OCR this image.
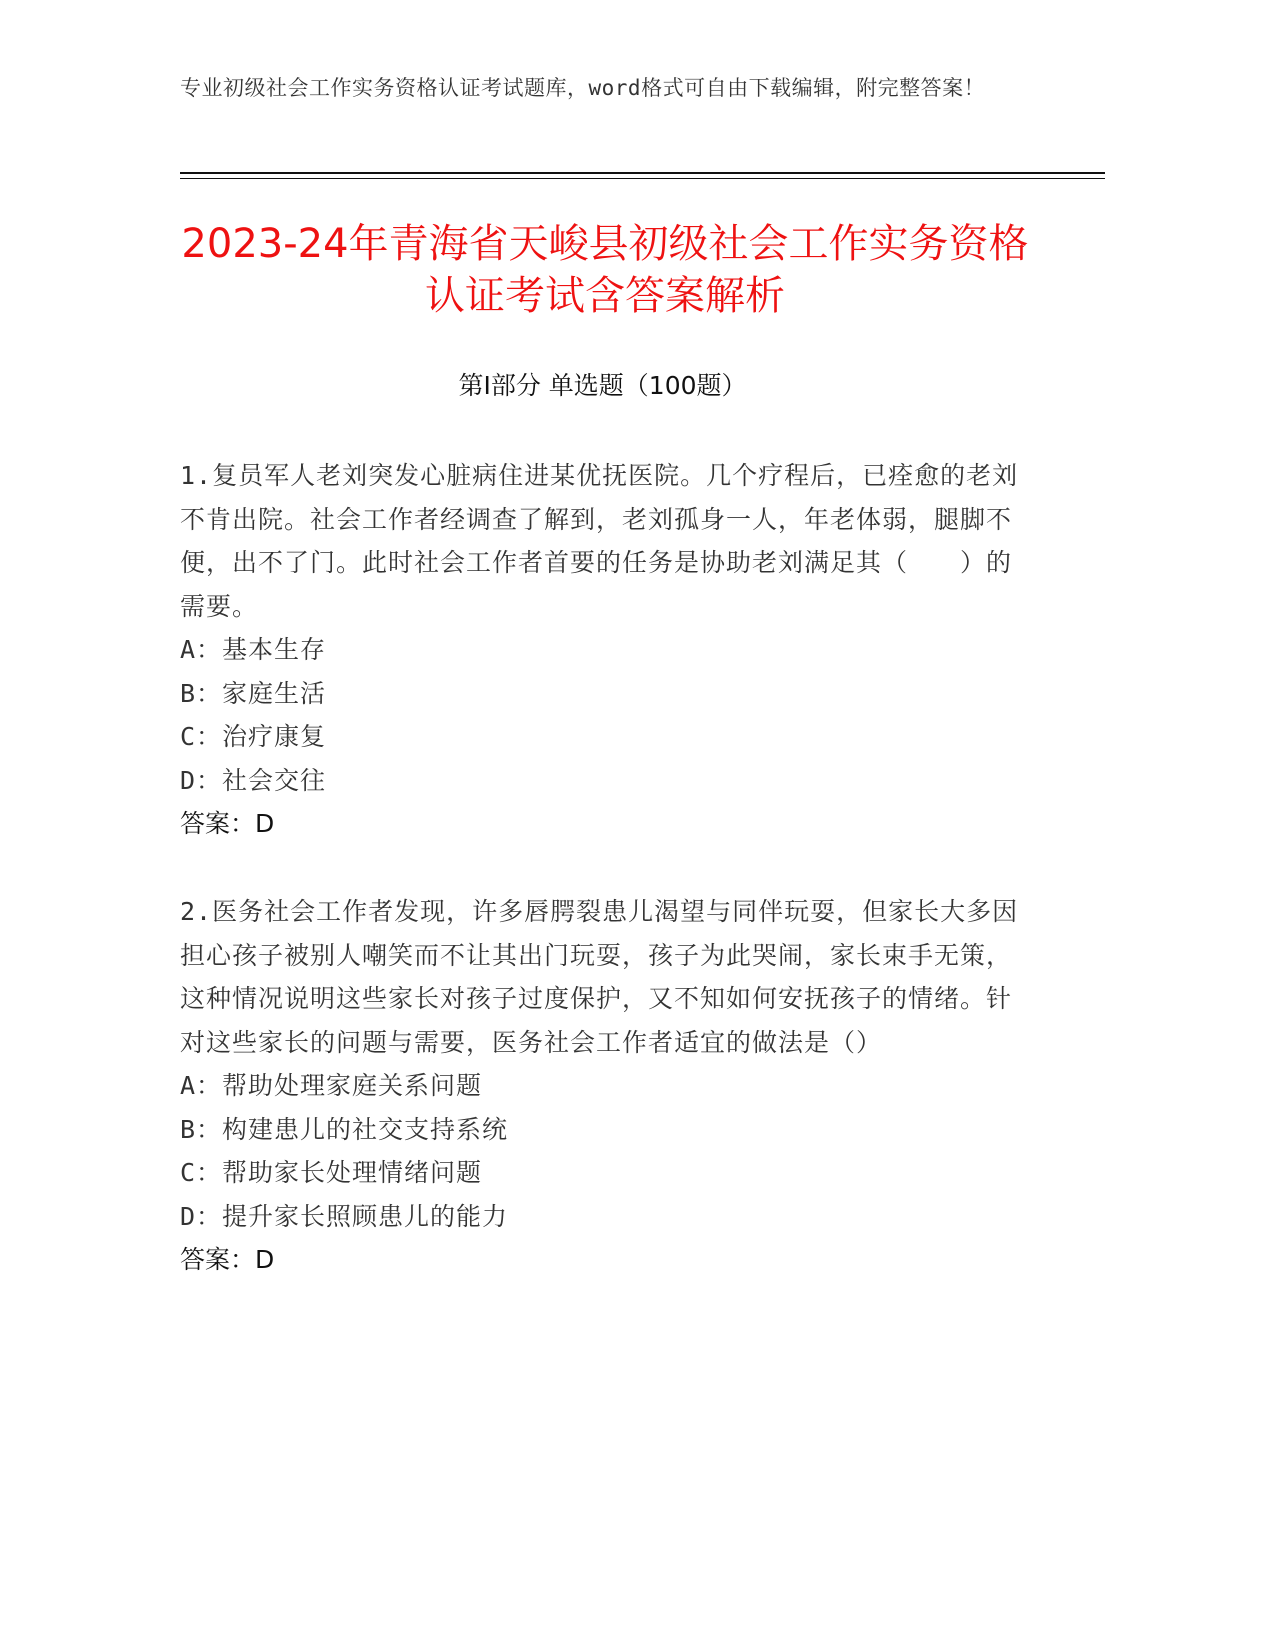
专业初级社会工作实务资格认证考试题库，word格式可自由下载编辑，附完整答案！
2023-24年青海省天峻县初级社会工作实务资格认证考试含答案解析
第Ⅰ部分 单选题（100题）
1.复员军人老刘突发心脏病住进某优抚医院。几个疗程后，已痊愈的老刘不肯出院。社会工作者经调查了解到，老刘孤身一人，年老体弱，腿脚不便，出不了门。此时社会工作者首要的任务是协助老刘满足其（　　）的需要。
A：基本生存
B：家庭生活
C：治疗康复
D：社会交往
答案：D
2.医务社会工作者发现，许多唇腭裂患儿渴望与同伴玩耍，但家长大多因担心孩子被别人嘲笑而不让其出门玩耍，孩子为此哭闹，家长束手无策，这种情况说明这些家长对孩子过度保护，又不知如何安抚孩子的情绪。针对这些家长的问题与需要，医务社会工作者适宜的做法是（）
A：帮助处理家庭关系问题
B：构建患儿的社交支持系统
C：帮助家长处理情绪问题
D：提升家长照顾患儿的能力
答案：D
